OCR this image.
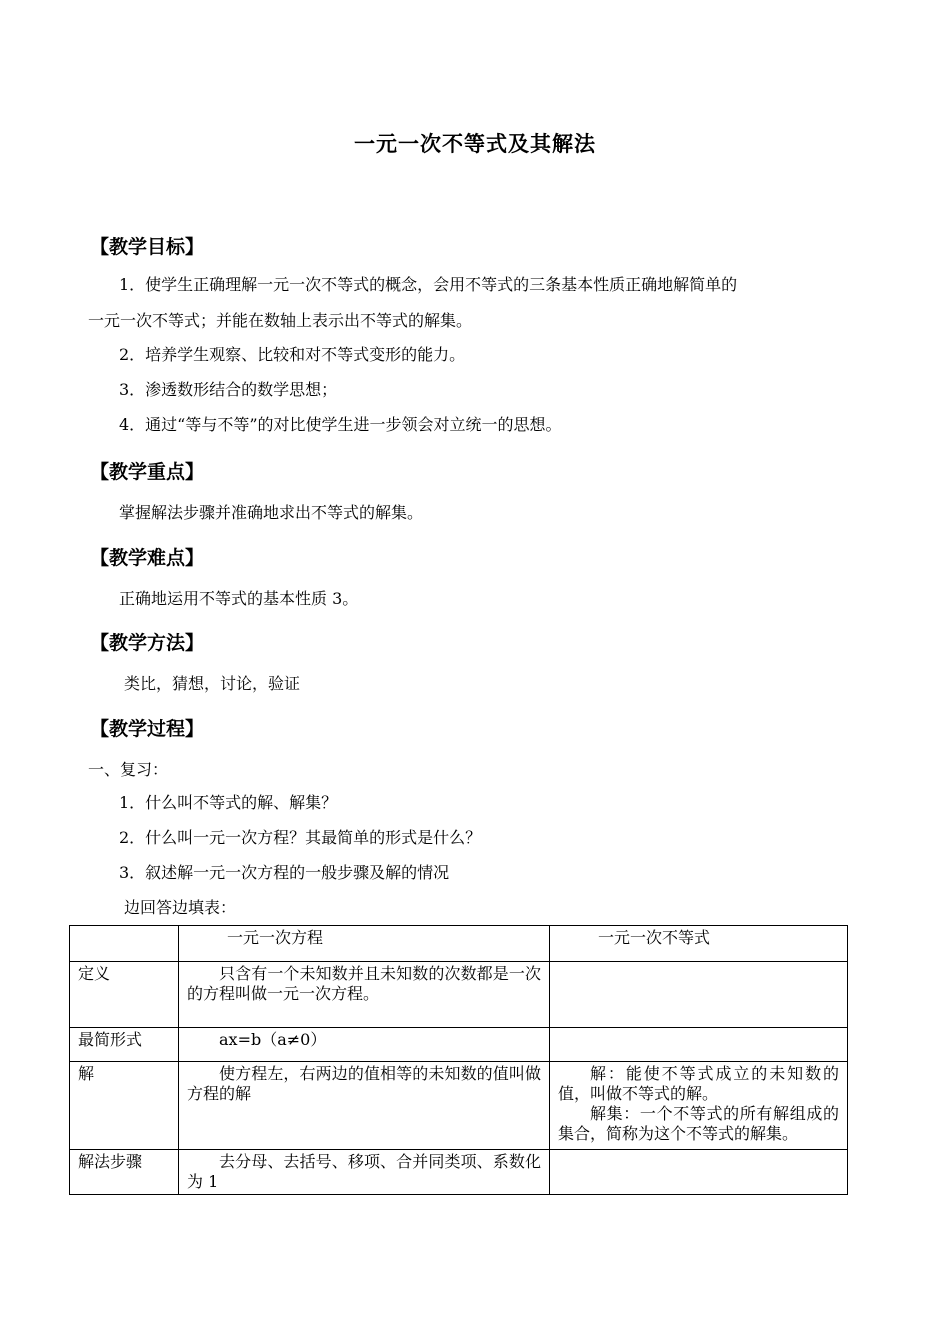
一元一次不等式及其解法
【教学目标】
1．使学生正确理解一元一次不等式的概念，会用不等式的三条基本性质正确地解简单的
一元一次不等式；并能在数轴上表示出不等式的解集。
2．培养学生观察、比较和对不等式变形的能力。
3．渗透数形结合的数学思想；
4．通过“等与不等”的对比使学生进一步领会对立统一的思想。
【教学重点】
掌握解法步骤并准确地求出不等式的解集。
【教学难点】
正确地运用不等式的基本性质 3。
【教学方法】
类比，猜想，讨论，验证
【教学过程】
一、复习：
1．什么叫不等式的解、解集？
2．什么叫一元一次方程？其最简单的形式是什么？
3．叙述解一元一次方程的一般步骤及解的情况
边回答边填表：
	一元一次方程	一元一次不等式
定义	只含有一个未知数并且未知数的次数都是一次的方程叫做一元一次方程。	
最简形式	ax=b（a≠0）	
解	使方程左，右两边的值相等的未知数的值叫做方程的解	解：能使不等式成立的未知数的值，叫做不等式的解。
解集：一个不等式的所有解组成的集合，简称为这个不等式的解集。

解法步骤	去分母、去括号、移项、合并同类项、系数化为 1	
